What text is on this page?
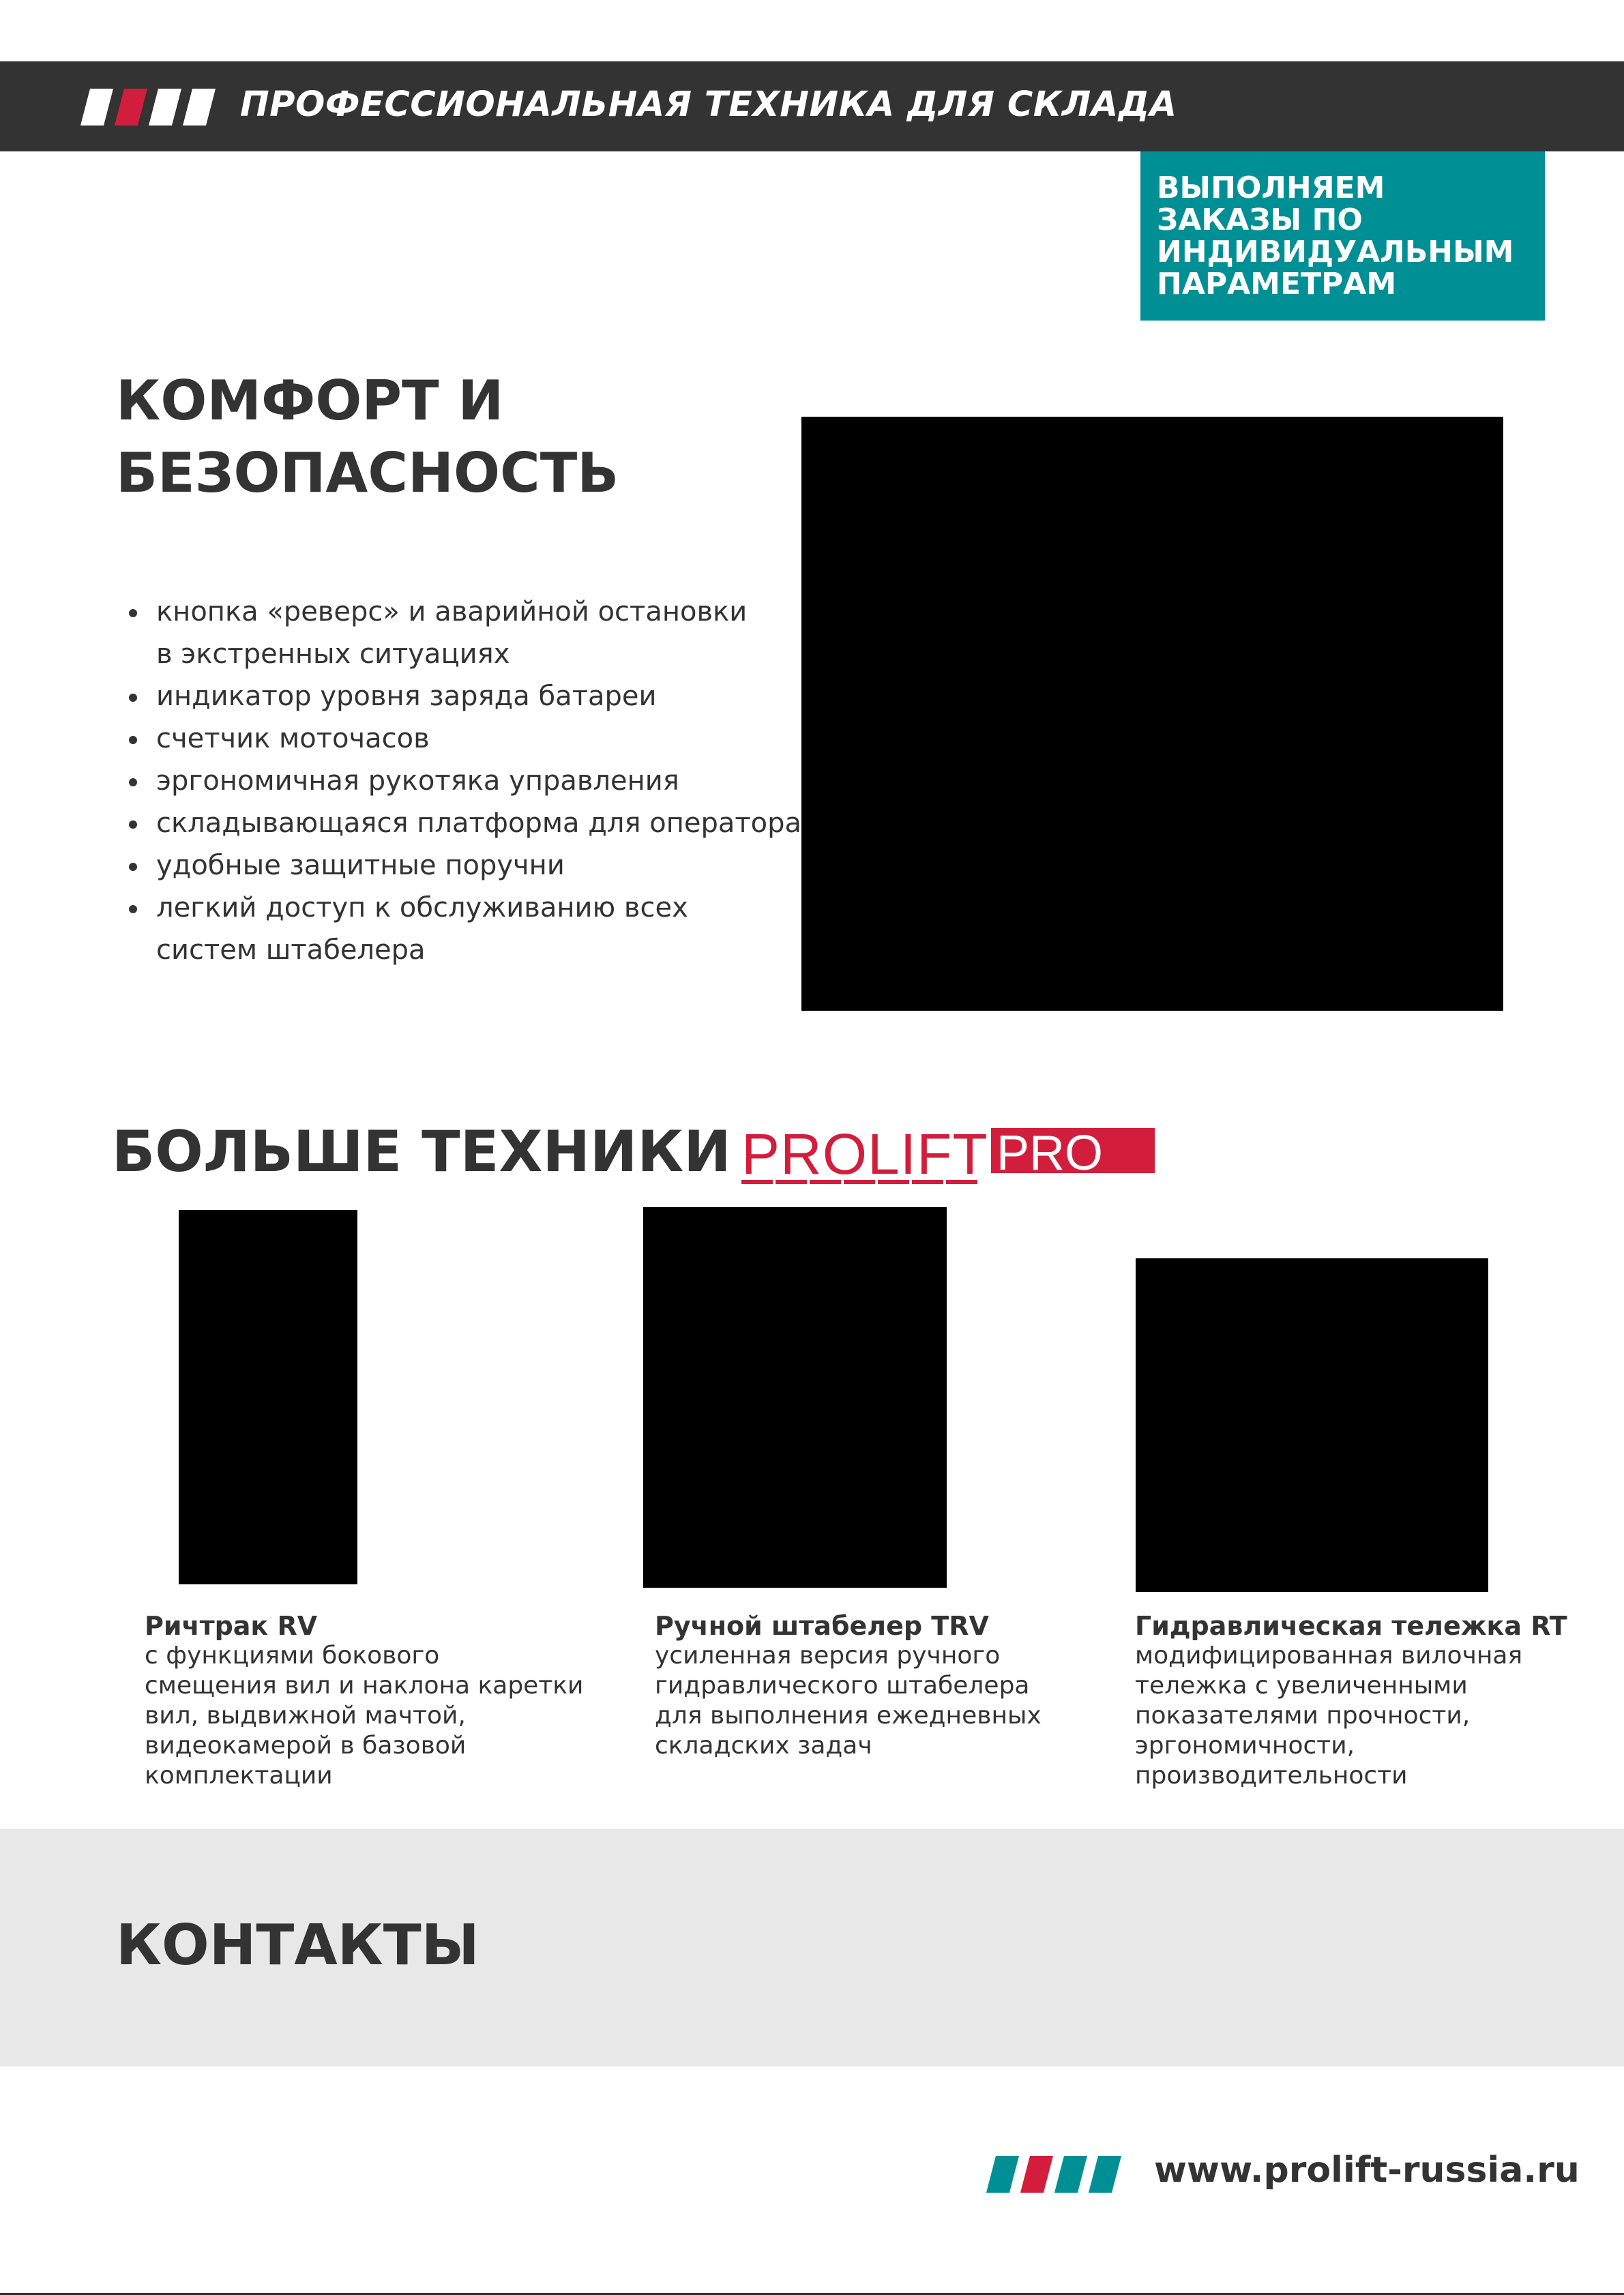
ПРОФЕССИОНАЛЬНАЯ ТЕХНИКА ДЛЯ СКЛАДА
ВЫПОЛНЯЕМ
ЗАКАЗЫ ПО
ИНДИВИДУАЛЬНЫМ
ПАРАМЕТРАМ
КОМФОРТ И
БЕЗОПАСНОСТЬ
кнопка «реверс» и аварийной остановки
в экстренных ситуациях
индикатор уровня заряда батареи
счетчик моточасов
эргономичная рукотяка управления
складывающаяся платформа для оператора
удобные защитные поручни
легкий доступ к обслуживанию всех
систем штабелера
БОЛЬШЕ ТЕХНИКИ PROLIFT PRO
Ричтрак RV
с функциями бокового
смещения вил и наклона каретки
вил, выдвижной мачтой,
видеокамерой в базовой
комплектации
Ручной штабелер TRV
усиленная версия ручного
гидравлического штабелера
для выполнения ежедневных
складских задач
Гидравлическая тележка RT
модифицированная вилочная
тележка с увеличенными
показателями прочности,
эргономичности,
производительности
КОНТАКТЫ
www.prolift-russia.ru
